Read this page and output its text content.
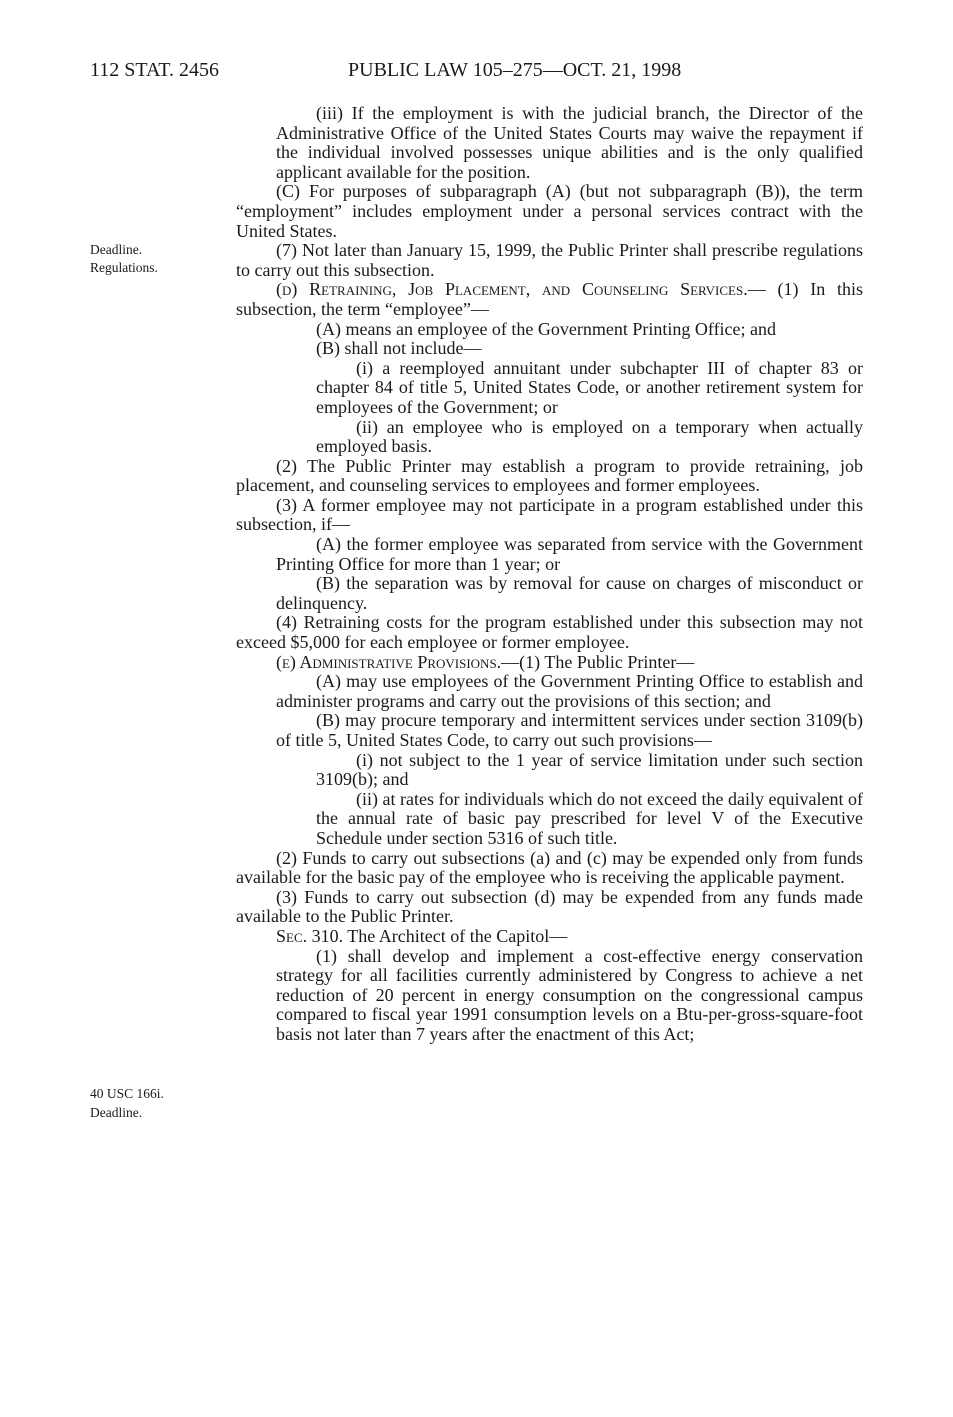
112 STAT. 2456	PUBLIC LAW 105–275—OCT. 21, 1998
Deadline.
Regulations.
40 USC 166i.
Deadline.

(iii) If the employment is with the judicial branch, the Director of the Administrative Office of the United States Courts may waive the repayment if the individual involved possesses unique abilities and is the only qualified applicant available for the position.

(C) For purposes of subparagraph (A) (but not subparagraph (B)), the term “employment” includes employment under a personal services contract with the United States.

(7) Not later than January 15, 1999, the Public Printer shall prescribe regulations to carry out this subsection.

(d) Retraining, Job Placement, and Counseling Services.— (1) In this subsection, the term “employee”—

(A) means an employee of the Government Printing Office; and

(B) shall not include—

(i) a reemployed annuitant under subchapter III of chapter 83 or chapter 84 of title 5, United States Code, or another retirement system for employees of the Government; or

(ii) an employee who is employed on a temporary when actually employed basis.

(2) The Public Printer may establish a program to provide retraining, job placement, and counseling services to employees and former employees.

(3) A former employee may not participate in a program established under this subsection, if—

(A) the former employee was separated from service with the Government Printing Office for more than 1 year; or

(B) the separation was by removal for cause on charges of misconduct or delinquency.

(4) Retraining costs for the program established under this subsection may not exceed $5,000 for each employee or former employee.

(e) Administrative Provisions.—(1) The Public Printer—

(A) may use employees of the Government Printing Office to establish and administer programs and carry out the provisions of this section; and

(B) may procure temporary and intermittent services under section 3109(b) of title 5, United States Code, to carry out such provisions—

(i) not subject to the 1 year of service limitation under such section 3109(b); and

(ii) at rates for individuals which do not exceed the daily equivalent of the annual rate of basic pay prescribed for level V of the Executive Schedule under section 5316 of such title.

(2) Funds to carry out subsections (a) and (c) may be expended only from funds available for the basic pay of the employee who is receiving the applicable payment.

(3) Funds to carry out subsection (d) may be expended from any funds made available to the Public Printer.

Sec. 310. The Architect of the Capitol—

(1) shall develop and implement a cost-effective energy conservation strategy for all facilities currently administered by Congress to achieve a net reduction of 20 percent in energy consumption on the congressional campus compared to fiscal year 1991 consumption levels on a Btu-per-gross-square-foot basis not later than 7 years after the enactment of this Act;
